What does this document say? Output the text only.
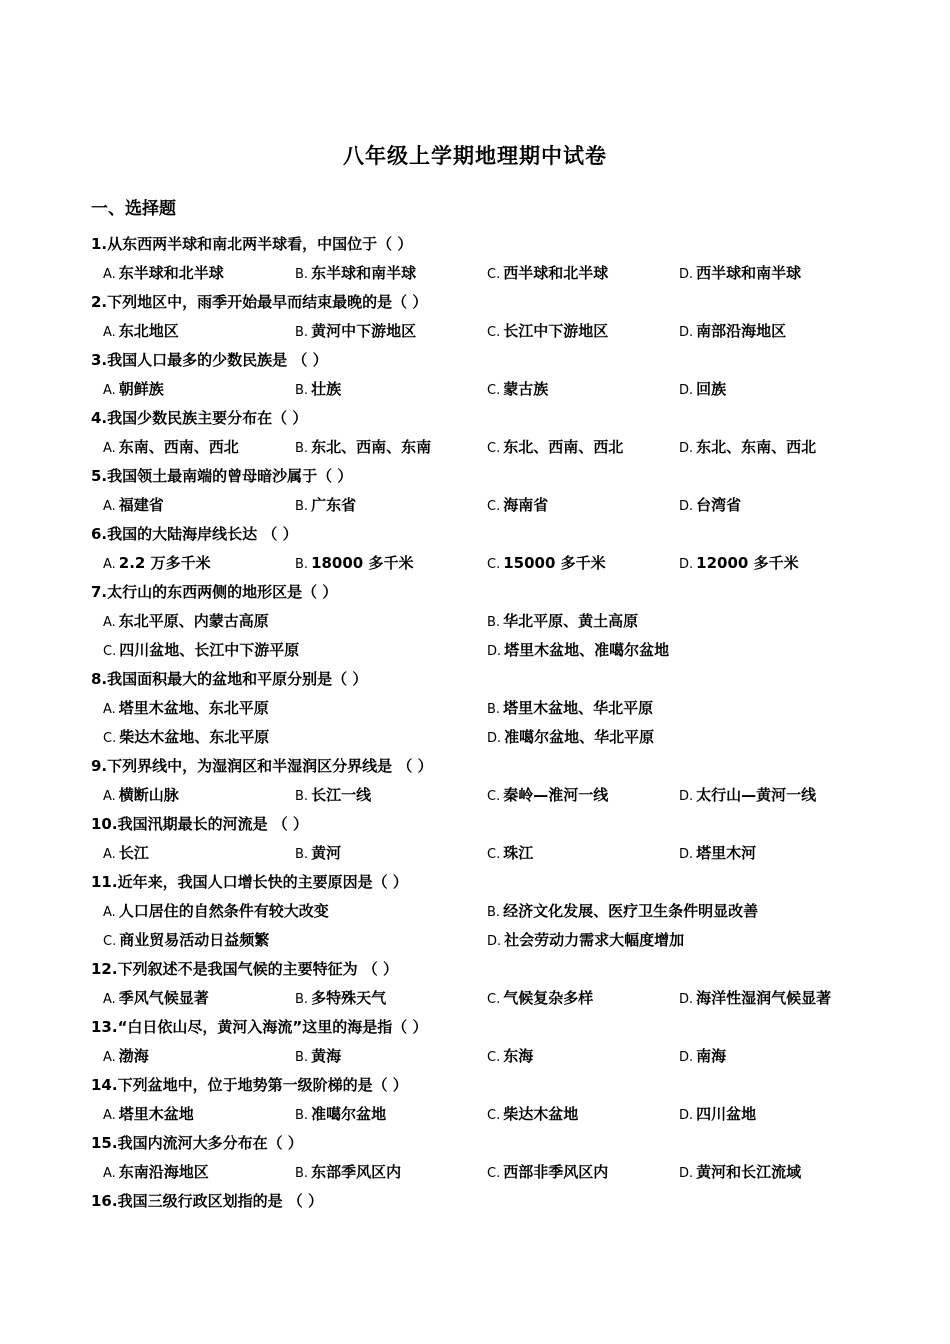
八年级上学期地理期中试卷
一、选择题
1.从东西两半球和南北两半球看，中国位于（ ）
A. 东半球和北半球	B. 东半球和南半球	C. 西半球和北半球	D. 西半球和南半球
2.下列地区中，雨季开始最早而结束最晚的是（ ）
A. 东北地区	B. 黄河中下游地区	C. 长江中下游地区	D. 南部沿海地区
3.我国人口最多的少数民族是 （ ）
A. 朝鲜族	B. 壮族	C. 蒙古族	D. 回族
4.我国少数民族主要分布在（ ）
A. 东南、西南、西北	B. 东北、西南、东南	C. 东北、西南、西北	D. 东北、东南、西北
5.我国领土最南端的曾母暗沙属于（ ）
A. 福建省	B. 广东省	C. 海南省	D. 台湾省
6.我国的大陆海岸线长达 （ ）
A. 2.2 万多千米	B. 18000 多千米	C. 15000 多千米	D. 12000 多千米
7.太行山的东西两侧的地形区是（ ）
A. 东北平原、内蒙古高原	B. 华北平原、黄土高原
C. 四川盆地、长江中下游平原	D. 塔里木盆地、准噶尔盆地
8.我国面积最大的盆地和平原分别是（ ）
A. 塔里木盆地、东北平原	B. 塔里木盆地、华北平原
C. 柴达木盆地、东北平原	D. 准噶尔盆地、华北平原
9.下列界线中，为湿润区和半湿润区分界线是 （ ）
A. 横断山脉	B. 长江一线	C. 秦岭—淮河一线	D. 太行山—黄河一线
10.我国汛期最长的河流是 （ ）
A. 长江	B. 黄河	C. 珠江	D. 塔里木河
11.近年来，我国人口增长快的主要原因是（ ）
A. 人口居住的自然条件有较大改变	B. 经济文化发展、医疗卫生条件明显改善
C. 商业贸易活动日益频繁	D. 社会劳动力需求大幅度增加
12.下列叙述不是我国气候的主要特征为 （ ）
A. 季风气候显著	B. 多特殊天气	C. 气候复杂多样	D. 海洋性湿润气候显著
13.“白日依山尽，黄河入海流”这里的海是指（ ）
A. 渤海	B. 黄海	C. 东海	D. 南海
14.下列盆地中，位于地势第一级阶梯的是（ ）
A. 塔里木盆地	B. 准噶尔盆地	C. 柴达木盆地	D. 四川盆地
15.我国内流河大多分布在（ ）
A. 东南沿海地区	B. 东部季风区内	C. 西部非季风区内	D. 黄河和长江流域
16.我国三级行政区划指的是 （ ）
